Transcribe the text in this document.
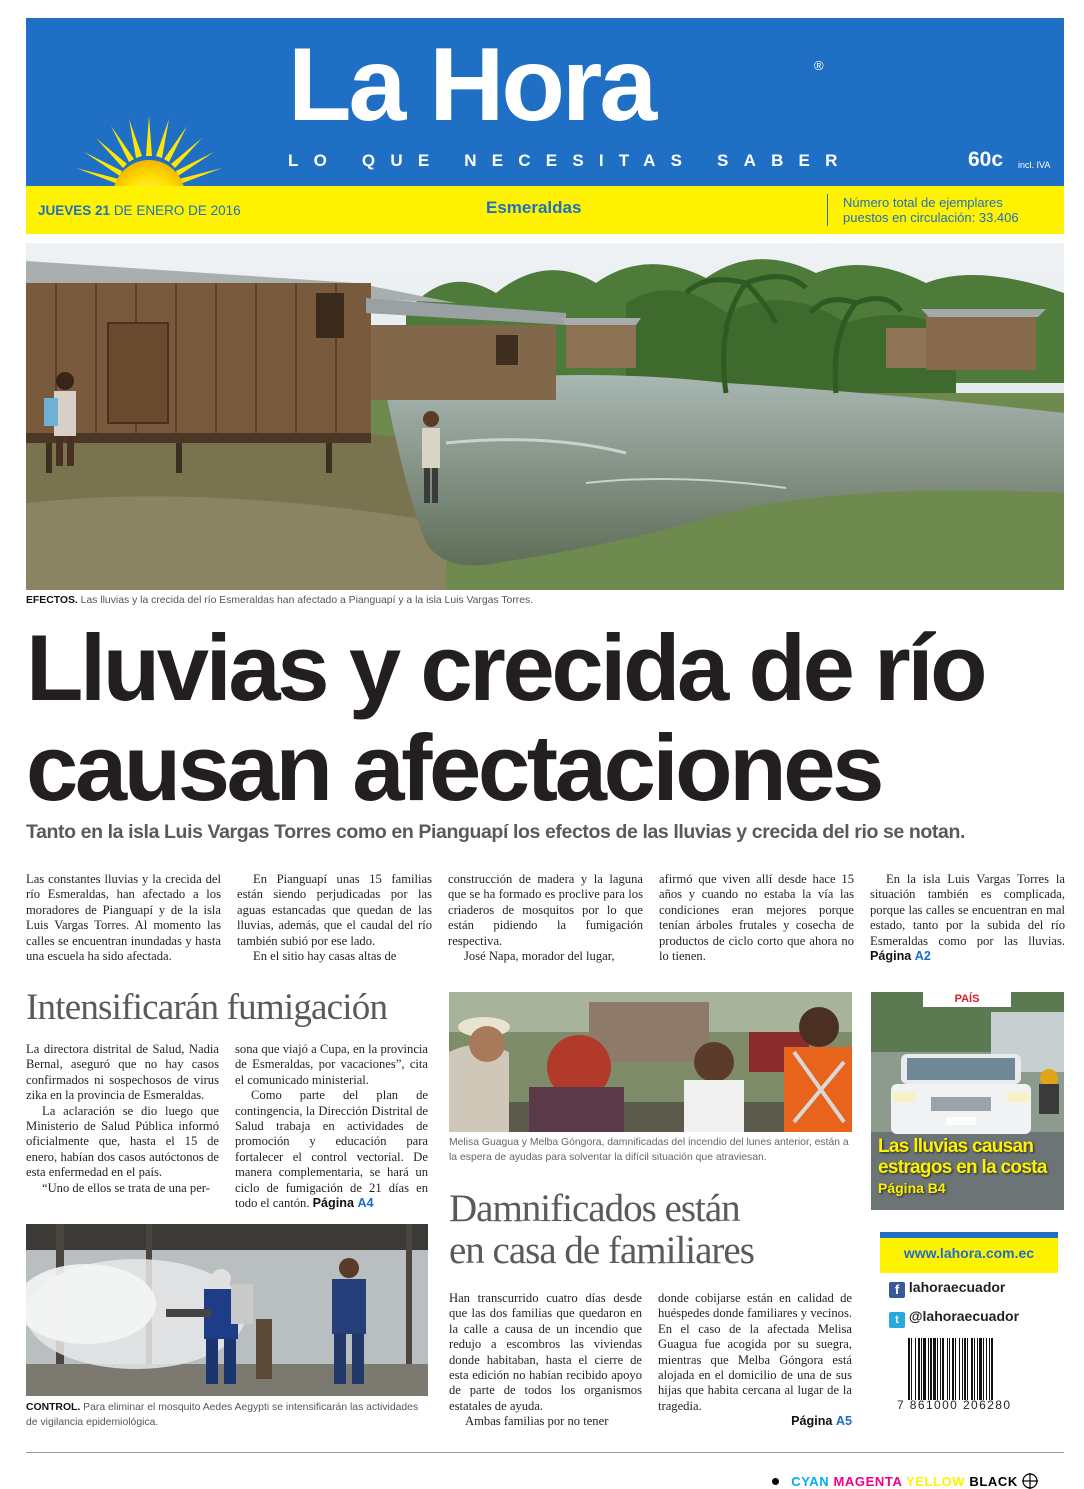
La Hora	®
LO QUE NECESITAS SABER	60c incl. IVA
JUEVES 21 DE ENERO DE 2016	Esmeraldas	Número total de ejemplares
puestos en circulación: 33.406
EFECTOS. Las lluvias y la crecida del río Esmeraldas han afectado a Pianguapí y a la isla Luis Vargas Torres.
Lluvias y crecida de río
causan afectaciones
Tanto en la isla Luis Vargas Torres como en Pianguapí los efectos de las lluvias y crecida del rio se notan.

Las constantes lluvias y la crecida del río Esmeraldas, han afectado a los moradores de Pianguapí y de la isla Luis Vargas Torres. Al momento las calles se encuentran inundadas y hasta una escuela ha sido afectada.

En Pianguapí unas 15 familias están siendo perjudicadas por las aguas estancadas que quedan de las lluvias, además, que el caudal del río también subió por ese lado.

En el sitio hay casas altas de

construcción de madera y la laguna que se ha formado es proclive para los criaderos de mosquitos por lo que están pidiendo la fumigación respectiva.

José Napa, morador del lugar,

afirmó que viven allí desde hace 15 años y cuando no estaba la vía las condiciones eran mejores porque tenían árboles frutales y cosecha de productos de ciclo corto que ahora no lo tienen.

En la isla Luis Vargas Torres la situación también es complicada, porque las calles se encuentran en mal estado, tanto por la subida del río Esmeraldas como por las lluvias. Página A2

Intensificarán fumigación

La directora distrital de Salud, Nadia Bernal, aseguró que no hay casos confirmados ni sospechosos de virus zika en la provincia de Esmeraldas.

La aclaración se dio luego que Ministerio de Salud Pública informó oficialmente que, hasta el 15 de enero, habían dos casos autóctonos de esta enfermedad en el país.

“Uno de ellos se trata de una per-

sona que viajó a Cupa, en la provincia de Esmeraldas, por vacaciones”, cita el comunicado ministerial.

Como parte del plan de contingencia, la Dirección Distrital de Salud trabaja en actividades de promoción y educación para fortalecer el control vectorial. De manera complementaria, se hará un ciclo de fumigación de 21 días en todo el cantón. Página A4

CONTROL. Para eliminar el mosquito Aedes Aegypti se intensificarán las actividades de vigilancia epidemiológica.
Melisa Guagua y Melba Góngora, damnificadas del incendio del lunes anterior, están a la espera de ayudas para solventar la difícil situación que atraviesan.
Damnificados están
en casa de familiares

Han transcurrido cuatro días desde que las dos familias que quedaron en la calle a causa de un incendio que redujo a escombros las viviendas donde habitaban, hasta el cierre de esta edición no habían recibido apoyo de parte de todos los organismos estatales de ayuda.

Ambas familias por no tener

donde cobijarse están en calidad de huéspedes donde familiares y vecinos. En el caso de la afectada Melisa Guagua fue acogida por su suegra, mientras que Melba Góngora está alojada en el domicilio de una de sus hijas que habita cercana al lugar de la tragedia.

Página A5
PAÍS
Las lluvias causan
estragos en la costa
Página B4
www.lahora.com.ec
f lahoraecuador
t @lahoraecuador
7 861000 206280
CYAN MAGENTA YELLOW BLACK
